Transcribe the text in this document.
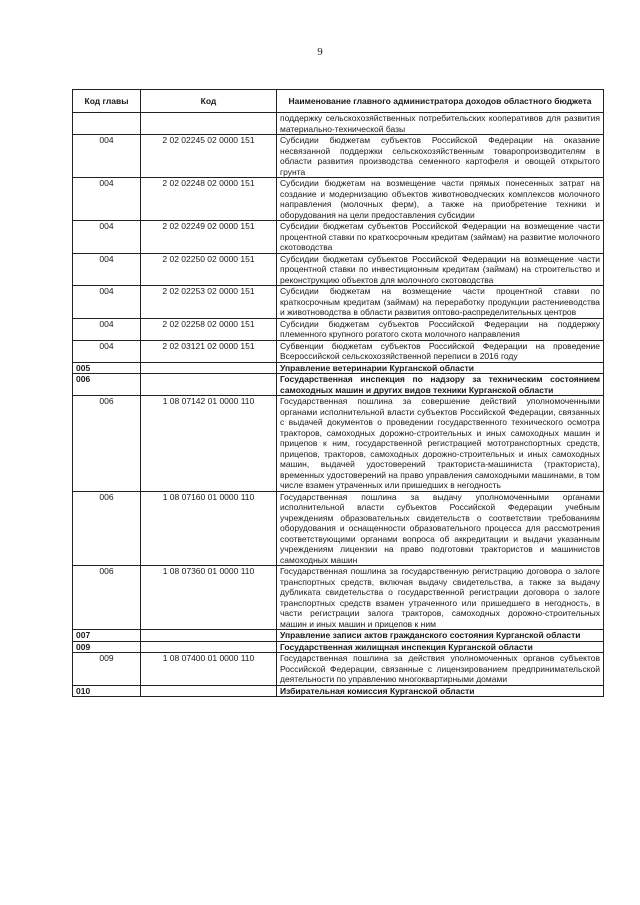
9
Код главы	Код	Наименование главного администратора доходов областного бюджета
		поддержку сельскохозяйственных потребительских кооперативов для развития материально-технической базы
004	2 02 02245 02 0000 151	Субсидии бюджетам субъектов Российской Федерации на оказание несвязанной поддержки сельскохозяйственным товаропроизводителям в области развития производства семенного картофеля и овощей открытого грунта
004	2 02 02248 02 0000 151	Субсидии бюджетам на возмещение части прямых понесенных затрат на создание и модернизацию объектов животноводческих комплексов молочного направления (молочных ферм), а также на приобретение техники и оборудования на цели предоставления субсидии
004	2 02 02249 02 0000 151	Субсидии бюджетам субъектов Российской Федерации на возмещение части процентной ставки по краткосрочным кредитам (займам) на развитие молочного скотоводства
004	2 02 02250 02 0000 151	Субсидии бюджетам субъектов Российской Федерации на возмещение части процентной ставки по инвестиционным кредитам (займам) на строительство и реконструкцию объектов для молочного скотоводства
004	2 02 02253 02 0000 151	Субсидии бюджетам на возмещение части процентной ставки по краткосрочным кредитам (займам) на переработку продукции растениеводства и животноводства в области развития оптово-распределительных центров
004	2 02 02258 02 0000 151	Субсидии бюджетам субъектов Российской Федерации на поддержку племенного крупного рогатого скота молочного направления
004	2 02 03121 02 0000 151	Субвенции бюджетам субъектов Российской Федерации на проведение Всероссийской сельскохозяйственной переписи в 2016 году
005		Управление ветеринарии Курганской области
006		Государственная инспекция по надзору за техническим состоянием самоходных машин и других видов техники Курганской области
006	1 08 07142 01 0000 110	Государственная пошлина за совершение действий уполномоченными органами исполнительной власти субъектов Российской Федерации, связанных с выдачей документов о проведении государственного технического осмотра тракторов, самоходных дорожно-строительных и иных самоходных машин и прицепов к ним, государственной регистрацией мототранспортных средств, прицепов, тракторов, самоходных дорожно-строительных и иных самоходных машин, выдачей удостоверений тракториста-машиниста (тракториста), временных удостоверений на право управления самоходными машинами, в том числе взамен утраченных или пришедших в негодность
006	1 08 07160 01 0000 110	Государственная пошлина за выдачу уполномоченными органами исполнительной власти субъектов Российской Федерации учебным учреждениям образовательных свидетельств о соответствии требованиям оборудования и оснащенности образовательного процесса для рассмотрения соответствующими органами вопроса об аккредитации и выдачи указанным учреждениям лицензии на право подготовки трактористов и машинистов самоходных машин
006	1 08 07360 01 0000 110	Государственная пошлина за государственную регистрацию договора о залоге транспортных средств, включая выдачу свидетельства, а также за выдачу дубликата свидетельства о государственной регистрации договора о залоге транспортных средств взамен утраченного или пришедшего в негодность, в части регистрации залога тракторов, самоходных дорожно-строительных машин и иных машин и прицепов к ним
007		Управление записи актов гражданского состояния Курганской области
009		Государственная жилищная инспекция Курганской области
009	1 08 07400 01 0000 110	Государственная пошлина за действия уполномоченных органов субъектов Российской Федерации, связанные с лицензированием предпринимательской деятельности по управлению многоквартирными домами
010		Избирательная комиссия Курганской области
